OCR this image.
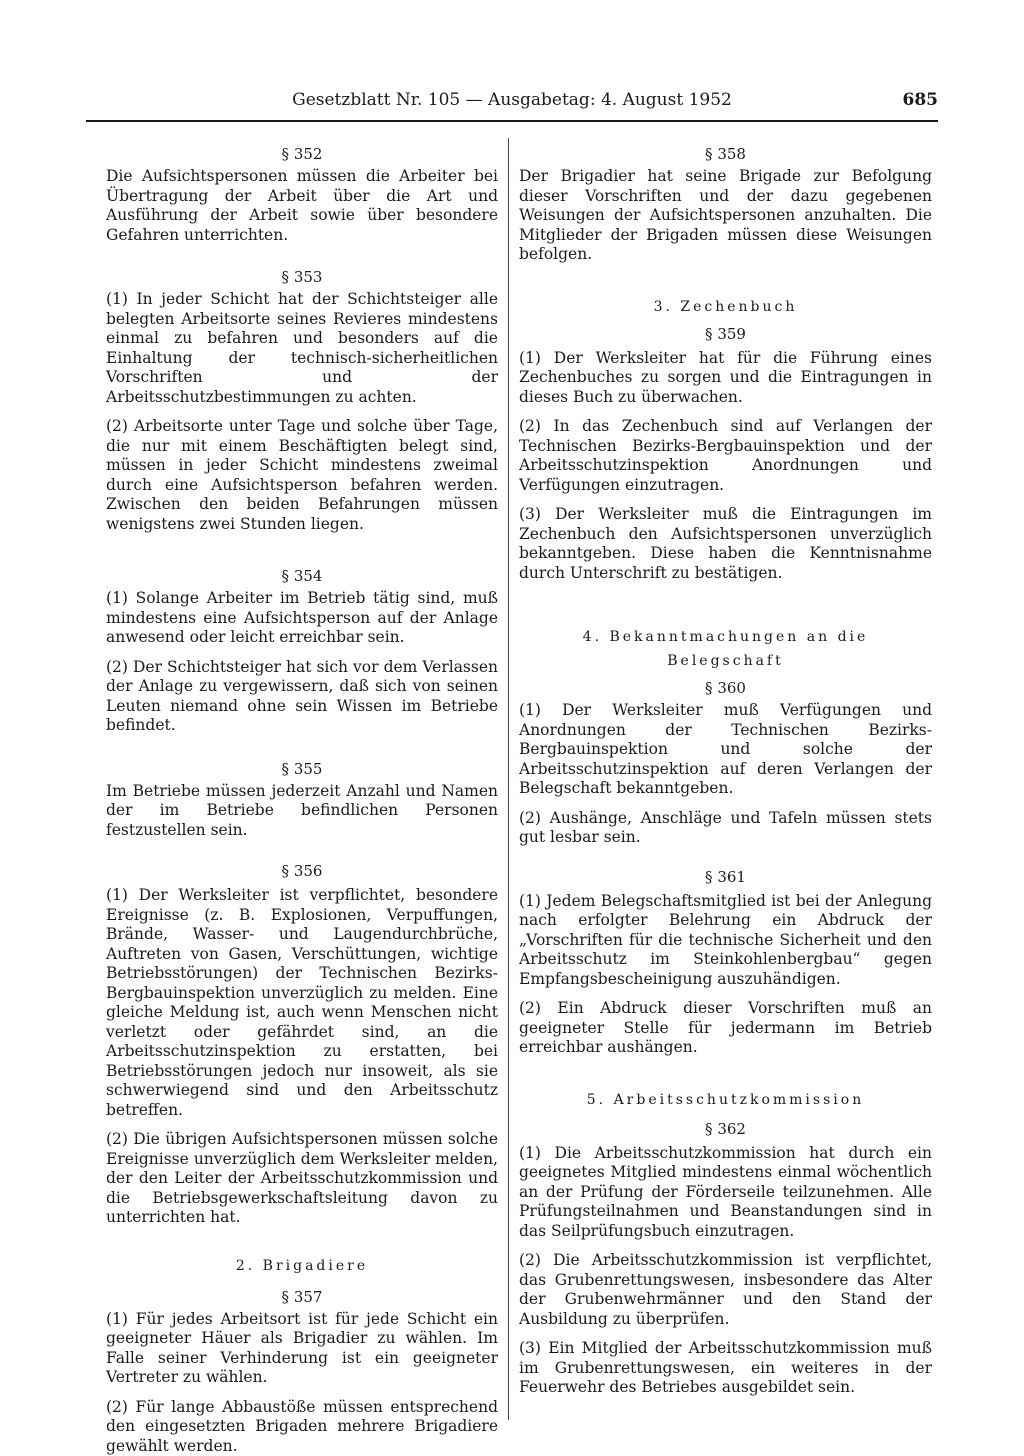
Gesetzblatt Nr. 105 — Ausgabetag: 4. August 1952	685
§ 352

Die Aufsichtspersonen müssen die Arbeiter bei Übertragung der Arbeit über die Art und Ausführung der Arbeit sowie über besondere Gefahren unterrichten.

§ 353

(1) In jeder Schicht hat der Schichtsteiger alle belegten Arbeitsorte seines Revieres mindestens einmal zu befahren und besonders auf die Einhaltung der technisch-sicherheitlichen Vorschriften und der Arbeitsschutzbestimmungen zu achten.

(2) Arbeitsorte unter Tage und solche über Tage, die nur mit einem Beschäftigten belegt sind, müssen in jeder Schicht mindestens zweimal durch eine Aufsichtsperson befahren werden. Zwischen den beiden Befahrungen müssen wenigstens zwei Stunden liegen.

§ 354

(1) Solange Arbeiter im Betrieb tätig sind, muß mindestens eine Aufsichtsperson auf der Anlage anwesend oder leicht erreichbar sein.

(2) Der Schichtsteiger hat sich vor dem Verlassen der Anlage zu vergewissern, daß sich von seinen Leuten niemand ohne sein Wissen im Betriebe befindet.

§ 355

Im Betriebe müssen jederzeit Anzahl und Namen der im Betriebe befindlichen Personen festzustellen sein.

§ 356

(1) Der Werksleiter ist verpflichtet, besondere Ereignisse (z. B. Explosionen, Verpuffungen, Brände, Wasser- und Laugendurchbrüche, Auftreten von Gasen, Verschüttungen, wichtige Betriebsstörungen) der Technischen Bezirks-Bergbauinspektion unverzüglich zu melden. Eine gleiche Meldung ist, auch wenn Menschen nicht verletzt oder gefährdet sind, an die Arbeitsschutzinspektion zu erstatten, bei Betriebsstörungen jedoch nur insoweit, als sie schwerwiegend sind und den Arbeitsschutz betreffen.

(2) Die übrigen Aufsichtspersonen müssen solche Ereignisse unverzüglich dem Werksleiter melden, der den Leiter der Arbeitsschutzkommission und die Betriebsgewerkschaftsleitung davon zu unterrichten hat.

2. Brigadiere
§ 357

(1) Für jedes Arbeitsort ist für jede Schicht ein geeigneter Häuer als Brigadier zu wählen. Im Falle seiner Verhinderung ist ein geeigneter Vertreter zu wählen.

(2) Für lange Abbaustöße müssen entsprechend den eingesetzten Brigaden mehrere Brigadiere gewählt werden.

§ 358

Der Brigadier hat seine Brigade zur Befolgung dieser Vorschriften und der dazu gegebenen Weisungen der Aufsichtspersonen anzuhalten. Die Mitglieder der Brigaden müssen diese Weisungen befolgen.

3. Zechenbuch
§ 359

(1) Der Werksleiter hat für die Führung eines Zechenbuches zu sorgen und die Eintragungen in dieses Buch zu überwachen.

(2) In das Zechenbuch sind auf Verlangen der Technischen Bezirks-Bergbauinspektion und der Arbeitsschutzinspektion Anordnungen und Verfügungen einzutragen.

(3) Der Werksleiter muß die Eintragungen im Zechenbuch den Aufsichtspersonen unverzüglich bekanntgeben. Diese haben die Kenntnisnahme durch Unterschrift zu bestätigen.

4. Bekanntmachungen an die
Belegschaft
§ 360

(1) Der Werksleiter muß Verfügungen und Anordnungen der Technischen Bezirks-Bergbauinspektion und solche der Arbeitsschutzinspektion auf deren Verlangen der Belegschaft bekanntgeben.

(2) Aushänge, Anschläge und Tafeln müssen stets gut lesbar sein.

§ 361

(1) Jedem Belegschaftsmitglied ist bei der Anlegung nach erfolgter Belehrung ein Abdruck der „Vorschriften für die technische Sicherheit und den Arbeitsschutz im Steinkohlenbergbau“ gegen Empfangsbescheinigung auszuhändigen.

(2) Ein Abdruck dieser Vorschriften muß an geeigneter Stelle für jedermann im Betrieb erreichbar aushängen.

5. Arbeitsschutzkommission
§ 362

(1) Die Arbeitsschutzkommission hat durch ein geeignetes Mitglied mindestens einmal wöchentlich an der Prüfung der Förderseile teilzunehmen. Alle Prüfungsteilnahmen und Beanstandungen sind in das Seilprüfungsbuch einzutragen.

(2) Die Arbeitsschutzkommission ist verpflichtet, das Grubenrettungswesen, insbesondere das Alter der Grubenwehrmänner und den Stand der Ausbildung zu überprüfen.

(3) Ein Mitglied der Arbeitsschutzkommission muß im Grubenrettungswesen, ein weiteres in der Feuerwehr des Betriebes ausgebildet sein.
